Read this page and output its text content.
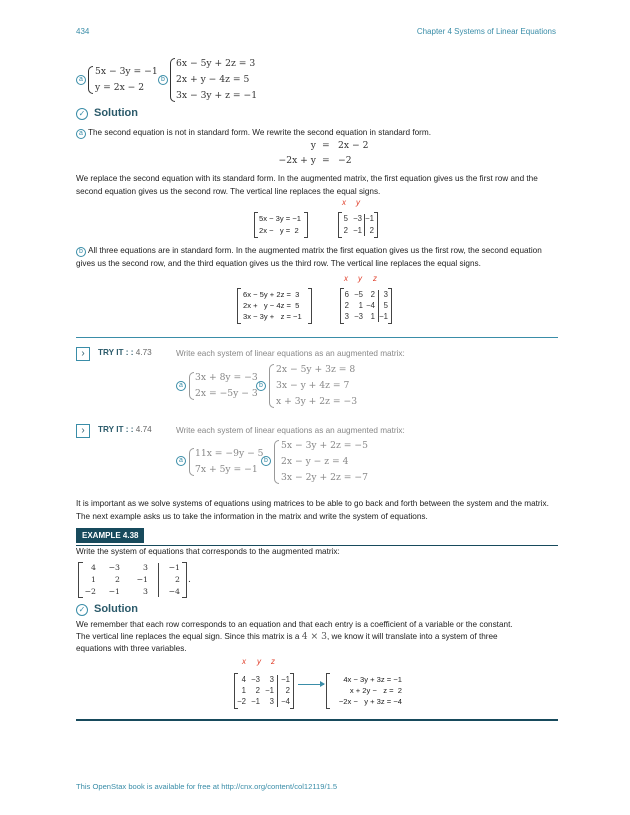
434	Chapter 4 Systems of Linear Equations
a
5x − 3y = −1
y = 2x − 2
b
6x − 5y + 2z = 3
2x + y − 4z = 5
3x − 3y + z = −1
✓ Solution
a The second equation is not in standard form. We rewrite the second equation in standard form.
y = 2x − 2
−2x + y = −2
We replace the second equation with its standard form. In the augmented matrix, the first equation gives us the first row and the second equation gives us the second row. The vertical line replaces the equal signs.
x y
5x − 3y = −1
2x −   y =  2
5 −3 −1
2 −1 2
b All three equations are in standard form. In the augmented matrix the first equation gives us the first row, the second equation gives us the second row, and the third equation gives us the third row. The vertical line replaces the equal signs.
x y z
6x − 5y + 2z =  3
2x +   y − 4z =  5
3x − 3y +   z = −1
6 −5 2	3
2	1 −4	5
3 −3 1 −1
›	TRY IT : : 4.73	Write each system of linear equations as an augmented matrix:
a
3x + 8y = −3
2x = −5y − 3
b
2x − 5y + 3z = 8
3x − y + 4z = 7
x + 3y + 2z = −3
›	TRY IT : : 4.74	Write each system of linear equations as an augmented matrix:
a
11x = −9y − 5
7x + 5y = −1
b
5x − 3y + 2z = −5
2x − y − z = 4
3x − 2y + 2z = −7
It is important as we solve systems of equations using matrices to be able to go back and forth between the system and the matrix. The next example asks us to take the information in the matrix and write the system of equations.
EXAMPLE 4.38
Write the system of equations that corresponds to the augmented matrix:
4	−3	3	−1
1	2	−1	2
−2	−1	3	−4
.
✓ Solution
We remember that each row corresponds to an equation and that each entry is a coefficient of a variable or the constant.
The vertical line replaces the equal sign. Since this matrix is a 4 × 3, we know it will translate into a system of three
equations with three variables.
x y z
4 −3	3 −1
1	2 −1	2
−2 −1	3 −4
4x − 3y + 3z = −1
x + 2y −   z =  2
−2x −   y + 3z = −4
This OpenStax book is available for free at http://cnx.org/content/col12119/1.5
